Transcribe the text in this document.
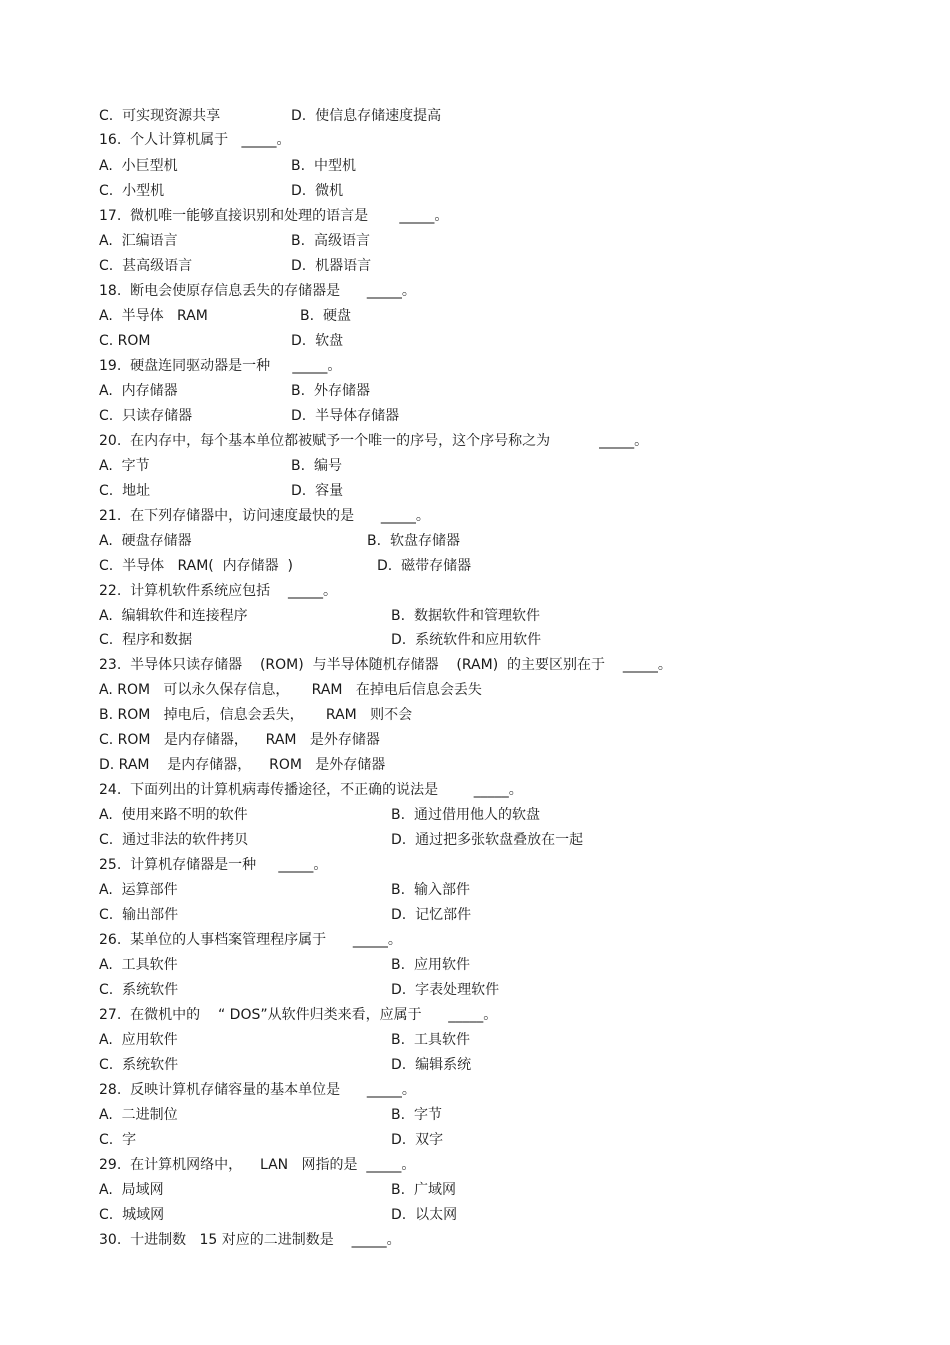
C.  可实现资源共享	D.  使信息存储速度提高
16.  个人计算机属于   _____。
A.  小巨型机	B.  中型机
C.  小型机	D.  微机
17.  微机唯一能够直接识别和处理的语言是       _____。
A.  汇编语言	B.  高级语言
C.  甚高级语言	D.  机器语言
18.  断电会使原存信息丢失的存储器是      _____。
A.  半导体   RAM	B.  硬盘
C. ROM	D.  软盘
19.  硬盘连同驱动器是一种     _____。
A.  内存储器	B.  外存储器
C.  只读存储器	D.  半导体存储器
20.  在内存中，每个基本单位都被赋予一个唯一的序号，这个序号称之为           _____。
A.  字节	B.  编号
C.  地址	D.  容量
21.  在下列存储器中，访问速度最快的是      _____。
A.  硬盘存储器	B.  软盘存储器
C.  半导体   RAM(  内存储器  )	D.  磁带存储器
22.  计算机软件系统应包括    _____。
A.  编辑软件和连接程序	B.  数据软件和管理软件
C.  程序和数据	D.  系统软件和应用软件
23.  半导体只读存储器    (ROM)  与半导体随机存储器    (RAM)  的主要区别在于    _____。
A. ROM   可以永久保存信息，     RAM   在掉电后信息会丢失
B. ROM   掉电后，信息会丢失，     RAM   则不会
C. ROM   是内存储器，    RAM   是外存储器
D. RAM    是内存储器，    ROM   是外存储器
24.  下面列出的计算机病毒传播途径，不正确的说法是        _____。
A.  使用来路不明的软件	B.  通过借用他人的软盘
C.  通过非法的软件拷贝	D.  通过把多张软盘叠放在一起
25.  计算机存储器是一种     _____。
A.  运算部件	B.  输入部件
C.  输出部件	D.  记忆部件
26.  某单位的人事档案管理程序属于      _____。
A.  工具软件	B.  应用软件
C.  系统软件	D.  字表处理软件
27.  在微机中的    “ DOS”从软件归类来看，应属于      _____。
A.  应用软件	B.  工具软件
C.  系统软件	D.  编辑系统
28.  反映计算机存储容量的基本单位是      _____。
A.  二进制位	B.  字节
C.  字	D.  双字
29.  在计算机网络中，    LAN   网指的是  _____。
A.  局域网	B.  广域网
C.  城域网	D.  以太网
30.  十进制数   15 对应的二进制数是    _____。
